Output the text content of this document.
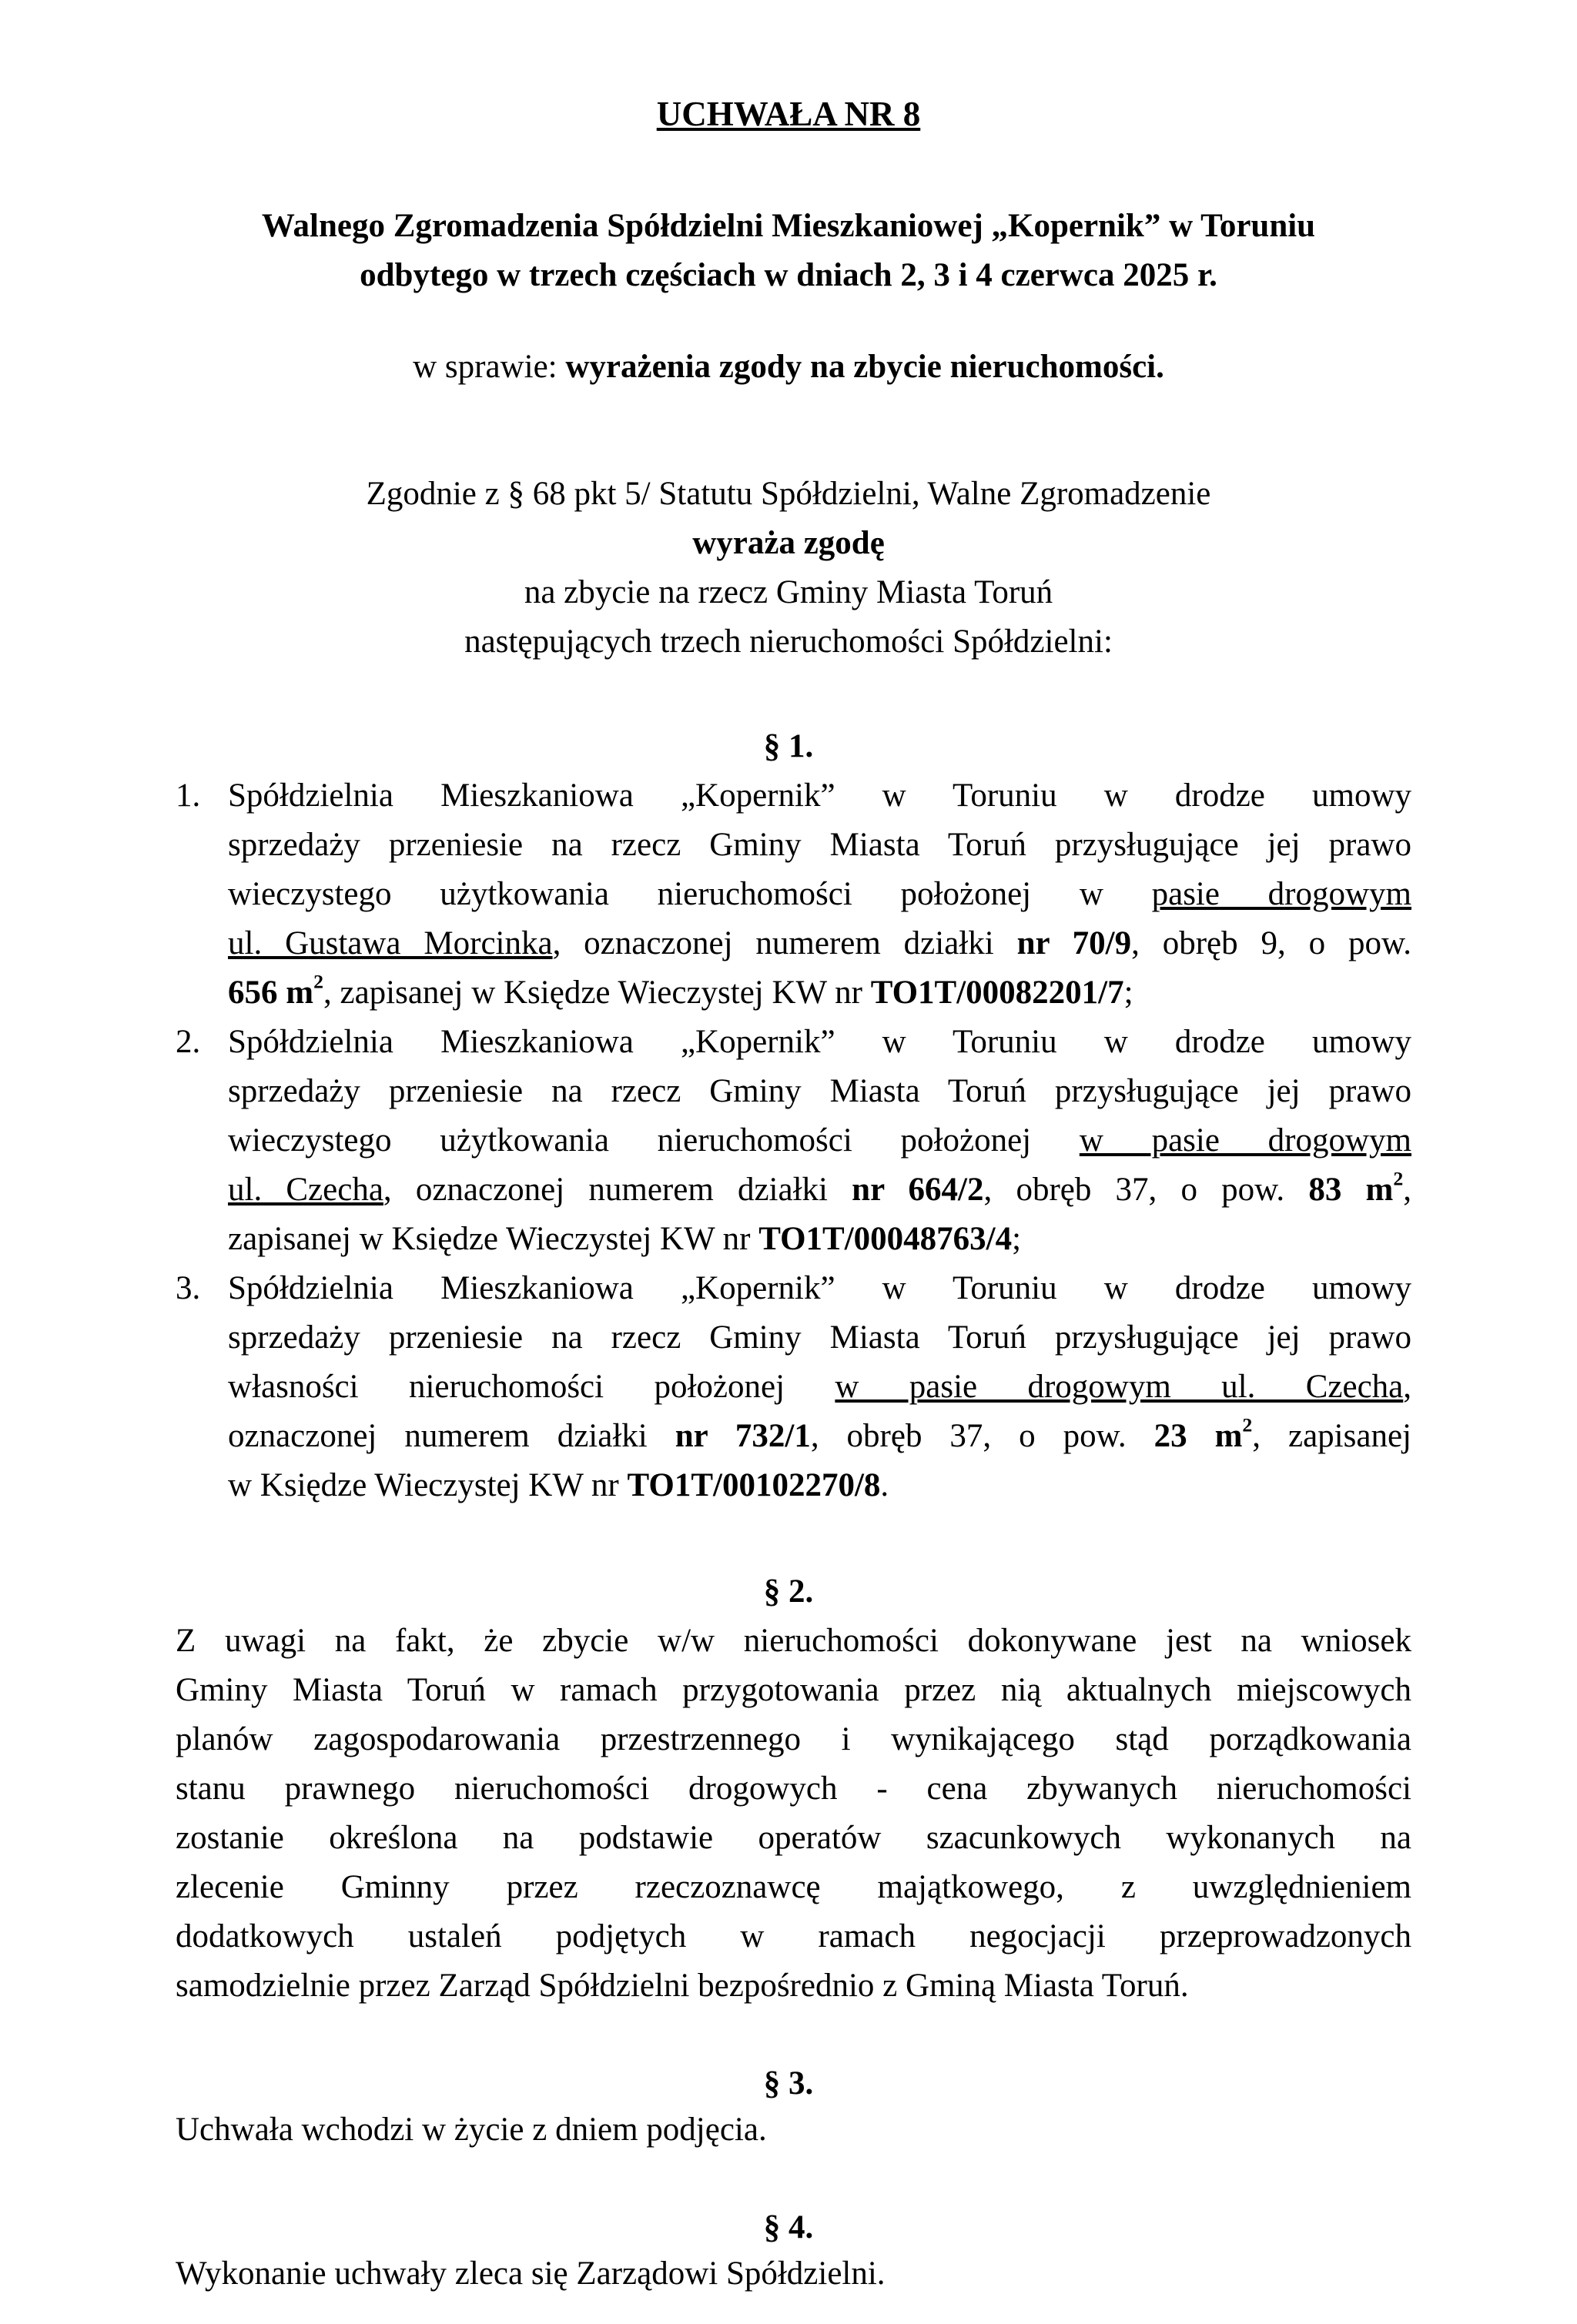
UCHWAŁA NR 8
Walnego Zgromadzenia Spółdzielni Mieszkaniowej „Kopernik” w Toruniu
odbytego w trzech częściach w dniach 2, 3 i 4 czerwca 2025 r.
w sprawie: wyrażenia zgody na zbycie nieruchomości.
Zgodnie z § 68 pkt 5/ Statutu Spółdzielni, Walne Zgromadzenie
wyraża zgodę
na zbycie na rzecz Gminy Miasta Toruń
następujących trzech nieruchomości Spółdzielni:
§ 1.
1. Spółdzielnia Mieszkaniowa „Kopernik” w Toruniu w drodze umowy
sprzedaży przeniesie na rzecz Gminy Miasta Toruń przysługujące jej prawo
wieczystego użytkowania nieruchomości położonej w pasie drogowym
ul. Gustawa Morcinka, oznaczonej numerem działki nr 70/9, obręb 9, o pow.
656 $m^2$, zapisanej w Księdze Wieczystej KW nr TO1T/00082201/7;
2. Spółdzielnia Mieszkaniowa „Kopernik” w Toruniu w drodze umowy
sprzedaży przeniesie na rzecz Gminy Miasta Toruń przysługujące jej prawo
wieczystego użytkowania nieruchomości położonej w pasie drogowym
ul. Czecha, oznaczonej numerem działki nr 664/2, obręb 37, o pow. 83 $m^2$,
zapisanej w Księdze Wieczystej KW nr TO1T/00048763/4;
3. Spółdzielnia Mieszkaniowa „Kopernik” w Toruniu w drodze umowy
sprzedaży przeniesie na rzecz Gminy Miasta Toruń przysługujące jej prawo
własności nieruchomości położonej w pasie drogowym ul. Czecha,
oznaczonej numerem działki nr 732/1, obręb 37, o pow. 23 $m^2$, zapisanej
w Księdze Wieczystej KW nr TO1T/00102270/8.
§ 2.
Z uwagi na fakt, że zbycie w/w nieruchomości dokonywane jest na wniosek
Gminy Miasta Toruń w ramach przygotowania przez nią aktualnych miejscowych
planów zagospodarowania przestrzennego i wynikającego stąd porządkowania
stanu prawnego nieruchomości drogowych - cena zbywanych nieruchomości
zostanie określona na podstawie operatów szacunkowych wykonanych na
zlecenie Gminny przez rzeczoznawcę majątkowego, z uwzględnieniem
dodatkowych ustaleń podjętych w ramach negocjacji przeprowadzonych
samodzielnie przez Zarząd Spółdzielni bezpośrednio z Gminą Miasta Toruń.
§ 3.
Uchwała wchodzi w życie z dniem podjęcia.
§ 4.
Wykonanie uchwały zleca się Zarządowi Spółdzielni.
